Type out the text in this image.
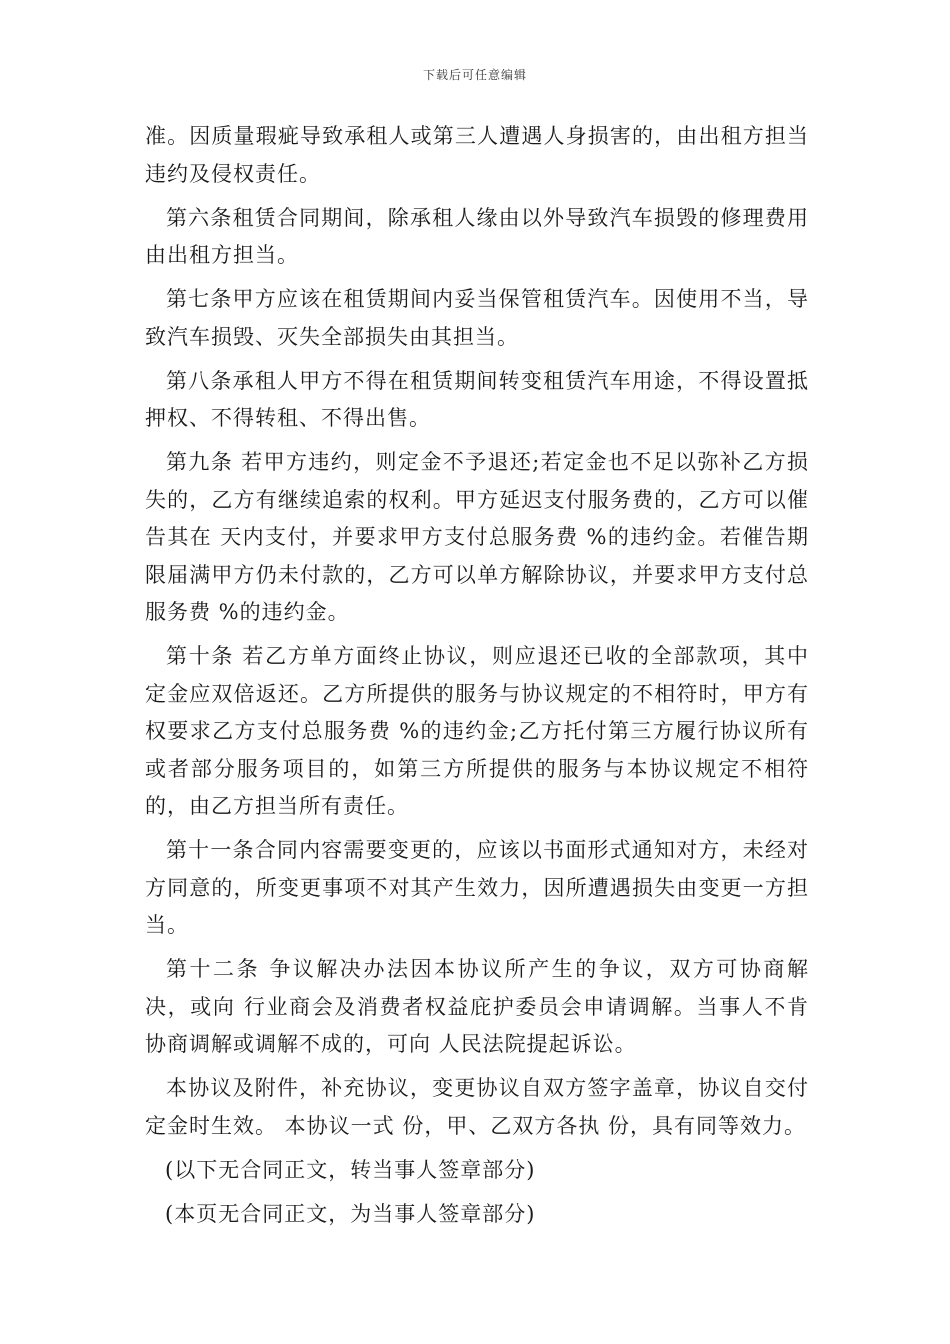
下载后可任意编辑

准。因质量瑕疵导致承租人或第三人遭遇人身损害的，由出租方担当违约及侵权责任。

第六条租赁合同期间，除承租人缘由以外导致汽车损毁的修理费用由出租方担当。

第七条甲方应该在租赁期间内妥当保管租赁汽车。因使用不当，导致汽车损毁、灭失全部损失由其担当。

第八条承租人甲方不得在租赁期间转变租赁汽车用途，不得设置抵押权、不得转租、不得出售。

第九条 若甲方违约，则定金不予退还;若定金也不足以弥补乙方损失的，乙方有继续追索的权利。甲方延迟支付服务费的，乙方可以催告其在 天内支付，并要求甲方支付总服务费 %的违约金。若催告期限届满甲方仍未付款的，乙方可以单方解除协议，并要求甲方支付总服务费 %的违约金。

第十条 若乙方单方面终止协议，则应退还已收的全部款项，其中定金应双倍返还。乙方所提供的服务与协议规定的不相符时，甲方有权要求乙方支付总服务费 %的违约金;乙方托付第三方履行协议所有或者部分服务项目的，如第三方所提供的服务与本协议规定不相符的，由乙方担当所有责任。

第十一条合同内容需要变更的，应该以书面形式通知对方，未经对方同意的，所变更事项不对其产生效力，因所遭遇损失由变更一方担当。

第十二条 争议解决办法因本协议所产生的争议，双方可协商解决，或向 行业商会及消费者权益庇护委员会申请调解。当事人不肯协商调解或调解不成的，可向 人民法院提起诉讼。

本协议及附件，补充协议，变更协议自双方签字盖章，协议自交付定金时生效。 本协议一式 份，甲、乙双方各执 份，具有同等效力。

(以下无合同正文，转当事人签章部分)

(本页无合同正文，为当事人签章部分)
